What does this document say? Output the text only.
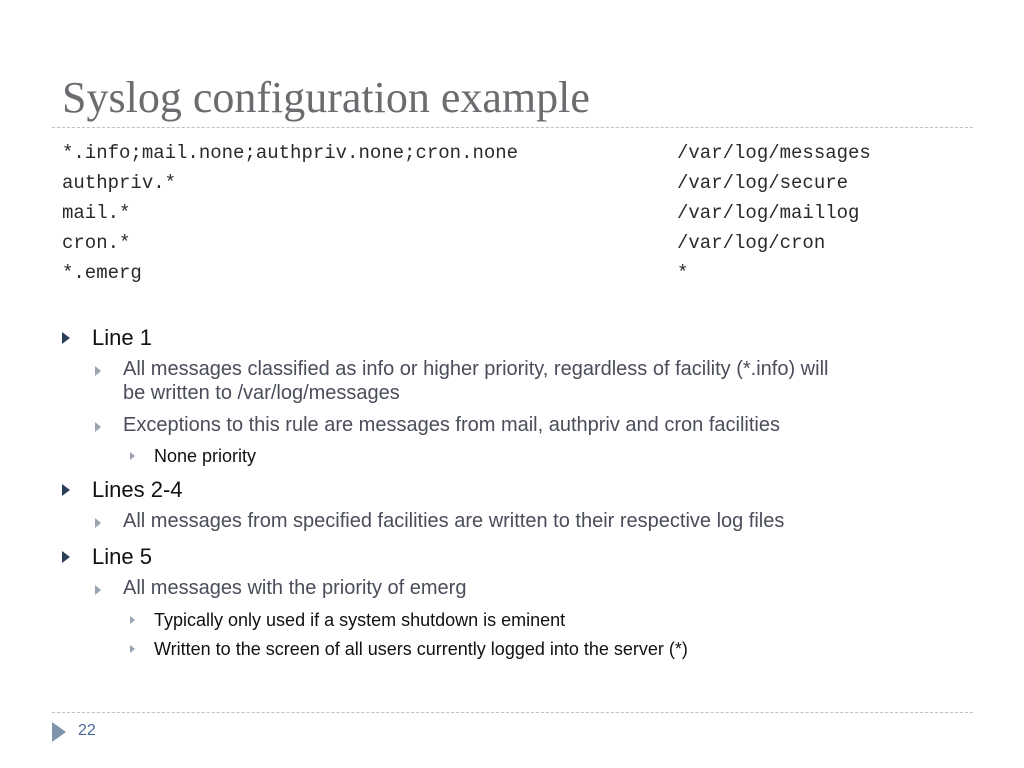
Syslog configuration example
*.info;mail.none;authpriv.none;cron.none	/var/log/messages
authpriv.*	/var/log/secure
mail.*	/var/log/maillog
cron.*	/var/log/cron
*.emerg	*
Line 1
All messages classified as info or higher priority, regardless of facility (*.info) will
be written to /var/log/messages
Exceptions to this rule are messages from mail, authpriv and cron facilities
None priority
Lines 2-4
All messages from specified facilities are written to their respective log files
Line 5
All messages with the priority of emerg
Typically only used if a system shutdown is eminent
Written to the screen of all users currently logged into the server (*)
22
